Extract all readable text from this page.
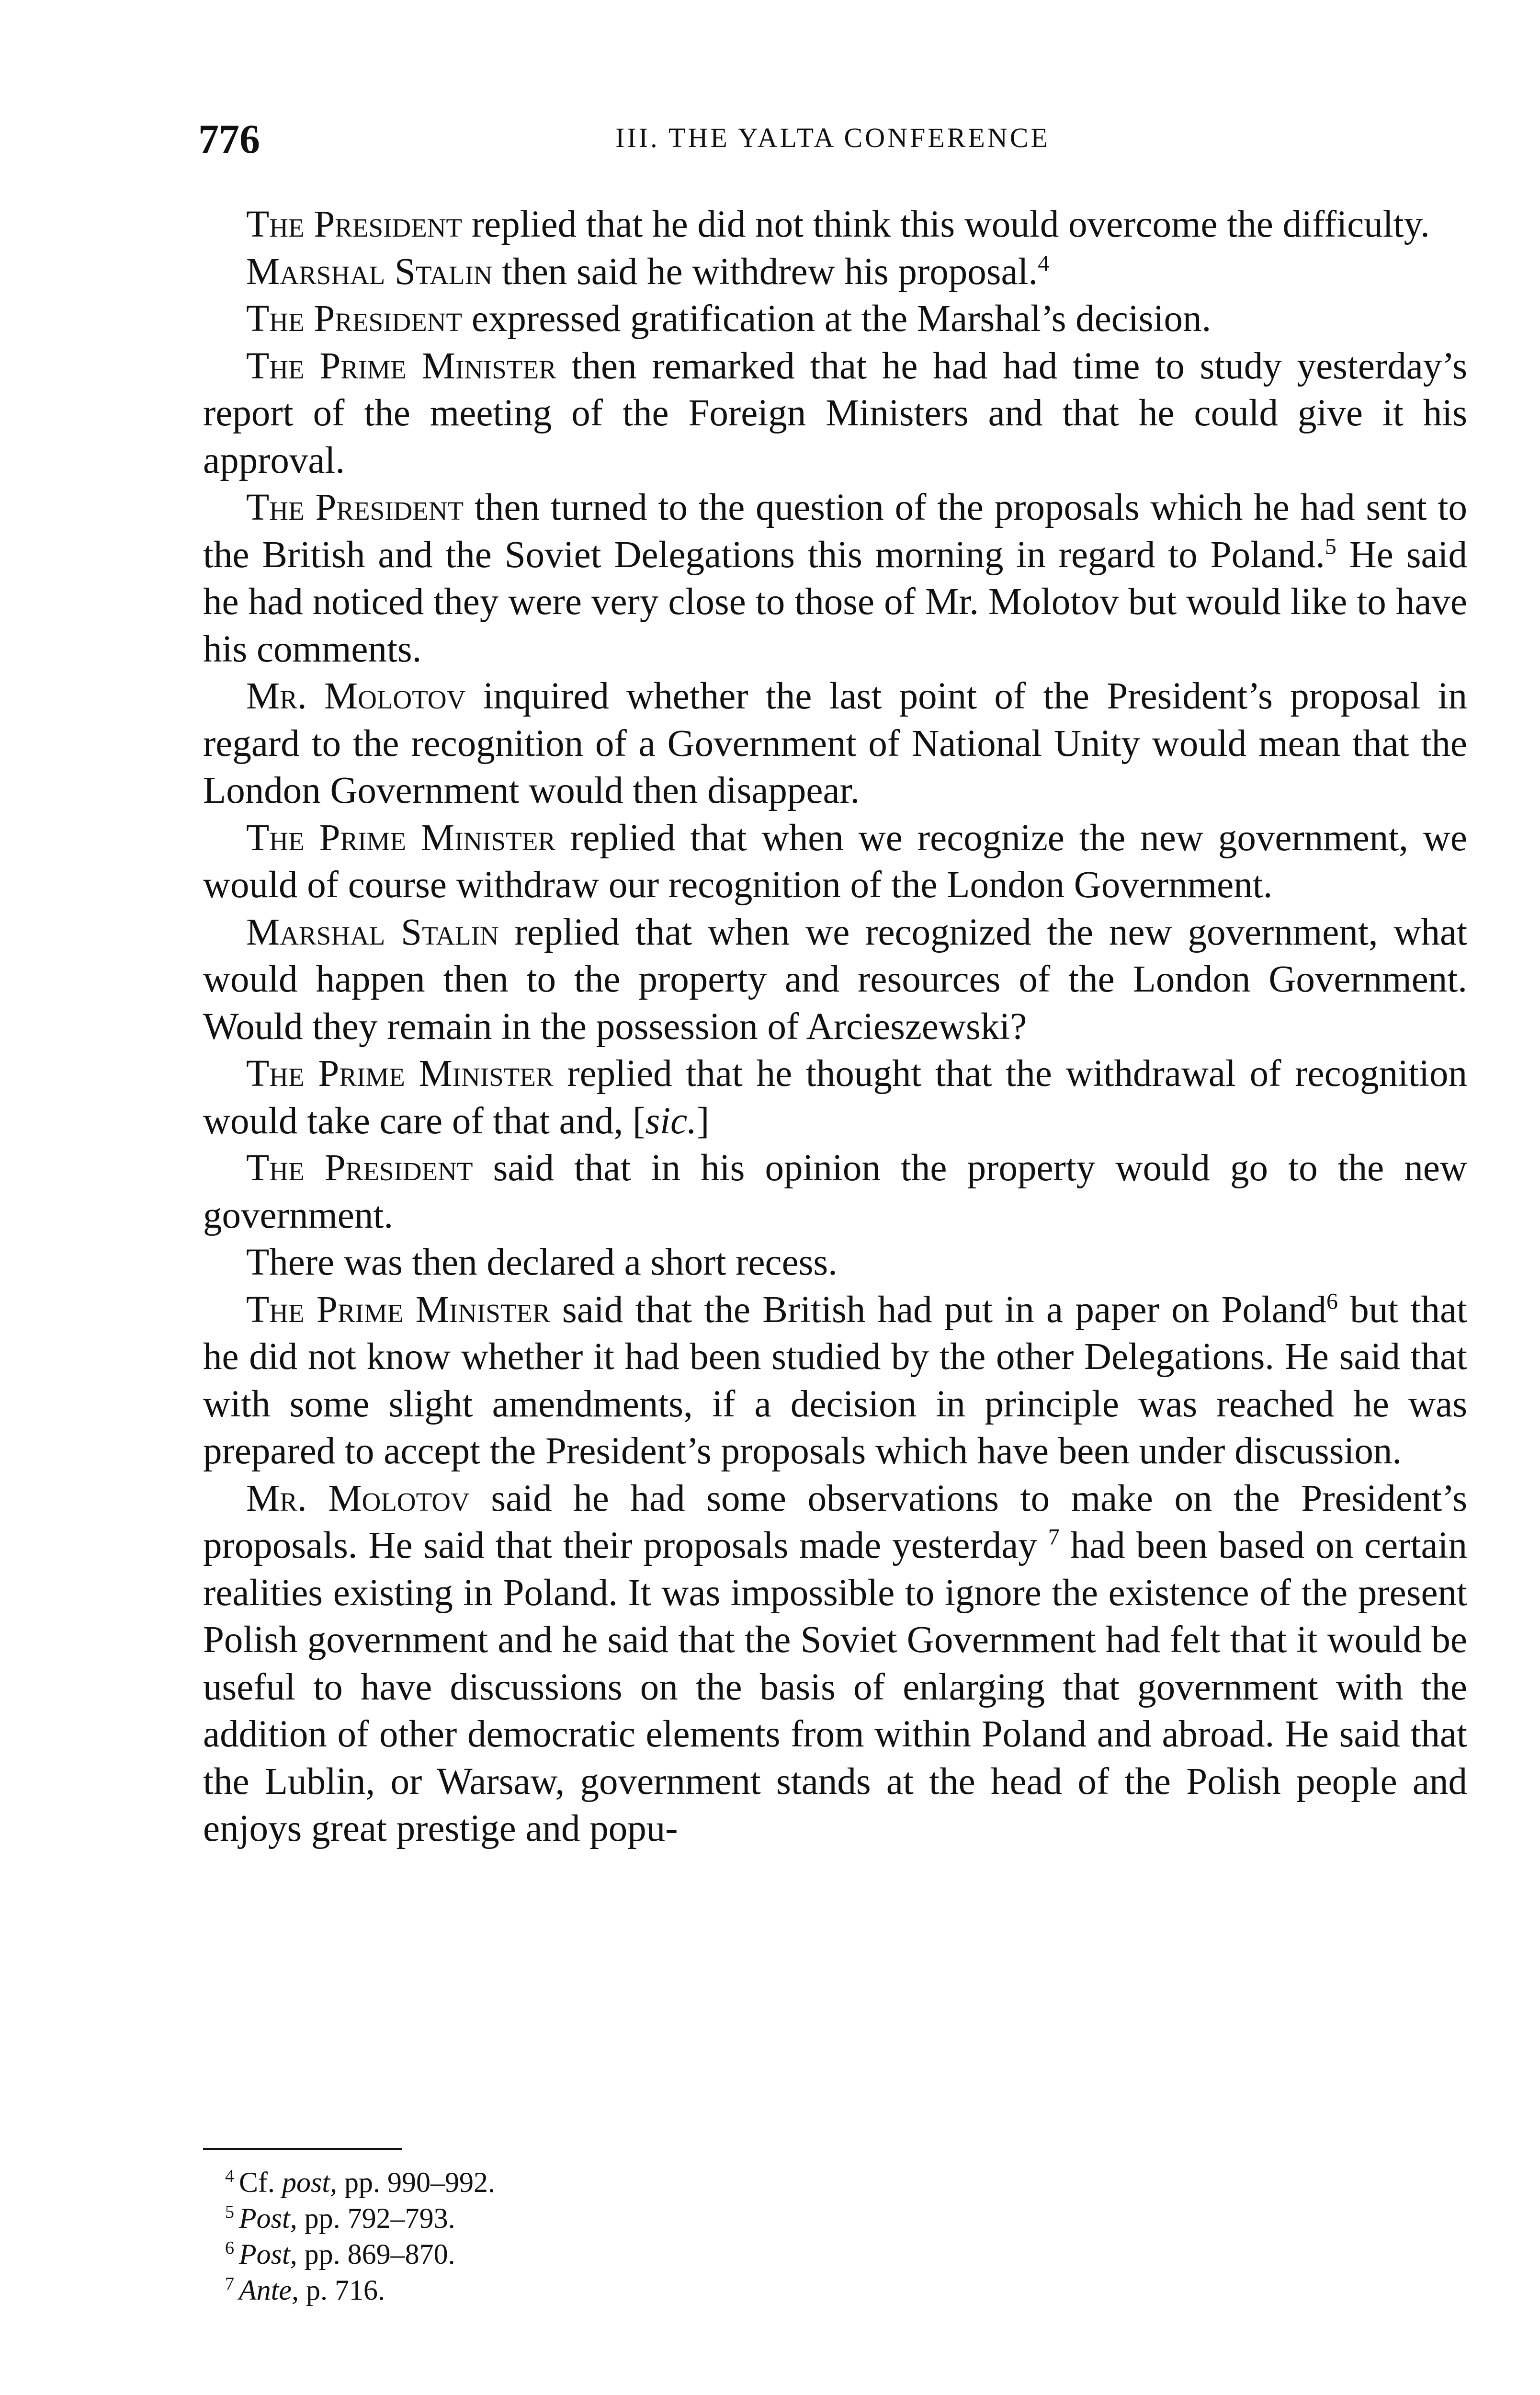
776	III. THE YALTA CONFERENCE

The President replied that he did not think this would overcome the difficulty.

Marshal Stalin then said he withdrew his proposal.$^4$

The President expressed gratification at the Marshal’s decision.

The Prime Minister then remarked that he had had time to study yesterday’s report of the meeting of the Foreign Ministers and that he could give it his approval.

The President then turned to the question of the proposals which he had sent to the British and the Soviet Delegations this morning in regard to Poland.$^5$ He said he had noticed they were very close to those of Mr. Molotov but would like to have his comments.

Mr. Molotov inquired whether the last point of the President’s proposal in regard to the recognition of a Government of National Unity would mean that the London Government would then disappear.

The Prime Minister replied that when we recognize the new government, we would of course withdraw our recognition of the London Government.

Marshal Stalin replied that when we recognized the new government, what would happen then to the property and resources of the London Government. Would they remain in the possession of Arcieszewski?

The Prime Minister replied that he thought that the withdrawal of recognition would take care of that and, [sic.]

The President said that in his opinion the property would go to the new government.

There was then declared a short recess.

The Prime Minister said that the British had put in a paper on Poland$^6$ but that he did not know whether it had been studied by the other Delegations. He said that with some slight amendments, if a decision in principle was reached he was prepared to accept the President’s proposals which have been under discussion.

Mr. Molotov said he had some observations to make on the President’s proposals. He said that their proposals made yesterday $^7$ had been based on certain realities existing in Poland. It was impossible to ignore the existence of the present Polish government and he said that the Soviet Government had felt that it would be useful to have discussions on the basis of enlarging that government with the addition of other democratic elements from within Poland and abroad. He said that the Lublin, or Warsaw, government stands at the head of the Polish people and enjoys great prestige and popu-

$^4$ Cf. post, pp. 990–992.
$^5$ Post, pp. 792–793.
$^6$ Post, pp. 869–870.
$^7$ Ante, p. 716.
